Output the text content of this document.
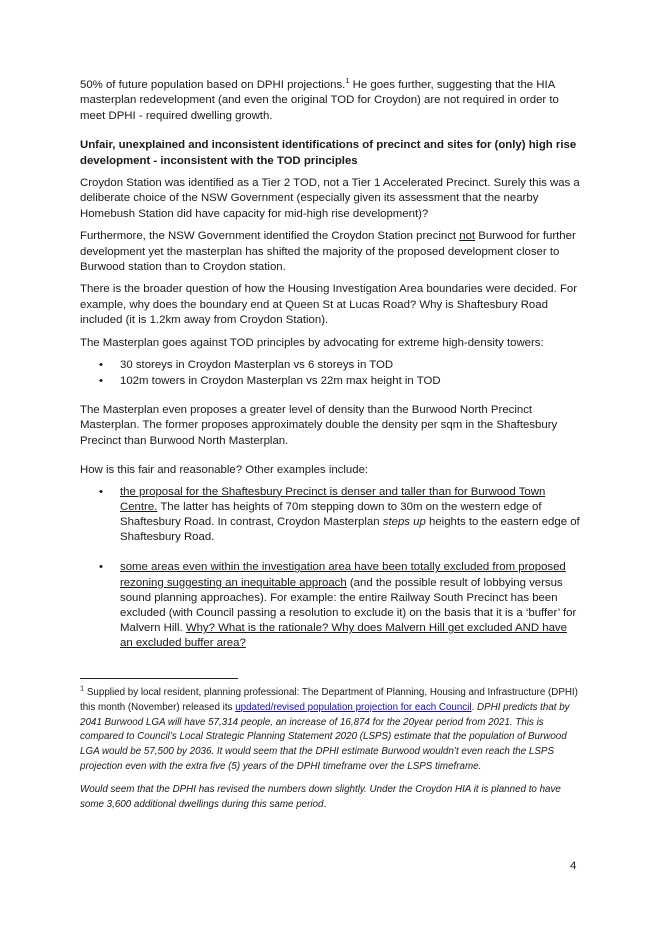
50% of future population based on DPHI projections.$^1$ He goes further, suggesting that the HIA masterplan redevelopment (and even the original TOD for Croydon) are not required in order to meet DPHI - required dwelling growth.

Unfair, unexplained and inconsistent identifications of precinct and sites for (only) high rise development - inconsistent with the TOD principles

Croydon Station was identified as a Tier 2 TOD, not a Tier 1 Accelerated Precinct. Surely this was a deliberate choice of the NSW Government (especially given its assessment that the nearby Homebush Station did have capacity for mid-high rise development)?

Furthermore, the NSW Government identified the Croydon Station precinct not Burwood for further development yet the masterplan has shifted the majority of the proposed development closer to Burwood station than to Croydon station.

There is the broader question of how the Housing Investigation Area boundaries were decided. For example, why does the boundary end at Queen St at Lucas Road? Why is Shaftesbury Road included (it is 1.2km away from Croydon Station).

The Masterplan goes against TOD principles by advocating for extreme high-density towers:

• 30 storeys in Croydon Masterplan vs 6 storeys in TOD
• 102m towers in Croydon Masterplan vs 22m max height in TOD

The Masterplan even proposes a greater level of density than the Burwood North Precinct Masterplan. The former proposes approximately double the density per sqm in the Shaftesbury Precinct than Burwood North Masterplan.

How is this fair and reasonable? Other examples include:

• the proposal for the Shaftesbury Precinct is denser and taller than for Burwood Town Centre. The latter has heights of 70m stepping down to 30m on the western edge of Shaftesbury Road. In contrast, Croydon Masterplan steps up heights to the eastern edge of Shaftesbury Road.
• some areas even within the investigation area have been totally excluded from proposed rezoning suggesting an inequitable approach (and the possible result of lobbying versus sound planning approaches). For example: the entire Railway South Precinct has been excluded (with Council passing a resolution to exclude it) on the basis that it is a ‘buffer’ for Malvern Hill. Why? What is the rationale? Why does Malvern Hill get excluded AND have an excluded buffer area?

$^1$ Supplied by local resident, planning professional: The Department of Planning, Housing and Infrastructure (DPHI) this month (November) released its updated/revised population projection for each Council. DPHI predicts that by 2041 Burwood LGA will have 57,314 people, an increase of 16,874 for the 20year period from 2021. This is compared to Council’s Local Strategic Planning Statement 2020 (LSPS) estimate that the population of Burwood LGA would be 57,500 by 2036. It would seem that the DPHI estimate Burwood wouldn’t even reach the LSPS projection even with the extra five (5) years of the DPHI timeframe over the LSPS timeframe.

Would seem that the DPHI has revised the numbers down slightly. Under the Croydon HIA it is planned to have some 3,600 additional dwellings during this same period.

4
